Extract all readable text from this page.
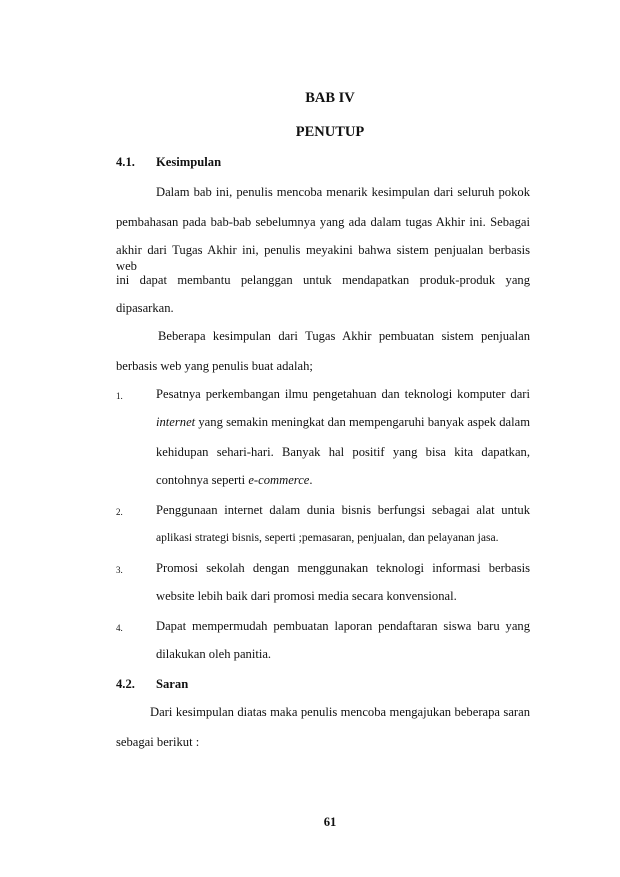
BAB IV
PENUTUP
4.1. Kesimpulan
Dalam bab ini, penulis mencoba menarik kesimpulan dari seluruh pokok
pembahasan pada bab-bab sebelumnya yang ada dalam tugas Akhir ini. Sebagai
akhir dari Tugas Akhir ini, penulis meyakini bahwa sistem penjualan berbasis web
ini dapat membantu pelanggan untuk mendapatkan produk-produk yang
dipasarkan.
Beberapa kesimpulan dari Tugas Akhir pembuatan sistem penjualan
berbasis web yang penulis buat adalah;
1.	Pesatnya perkembangan ilmu pengetahuan dan teknologi komputer dari
internet yang semakin meningkat dan mempengaruhi banyak aspek dalam
kehidupan sehari-hari. Banyak hal positif yang bisa kita dapatkan,
contohnya seperti e-commerce.
2.	Penggunaan internet dalam dunia bisnis berfungsi sebagai alat untuk
aplikasi strategi bisnis, seperti ;pemasaran, penjualan, dan pelayanan jasa.
3.	Promosi sekolah dengan menggunakan teknologi informasi berbasis
website lebih baik dari promosi media secara konvensional.
4.	Dapat mempermudah pembuatan laporan pendaftaran siswa baru yang
dilakukan oleh panitia.
4.2. Saran
Dari kesimpulan diatas maka penulis mencoba mengajukan beberapa saran
sebagai berikut :
61
